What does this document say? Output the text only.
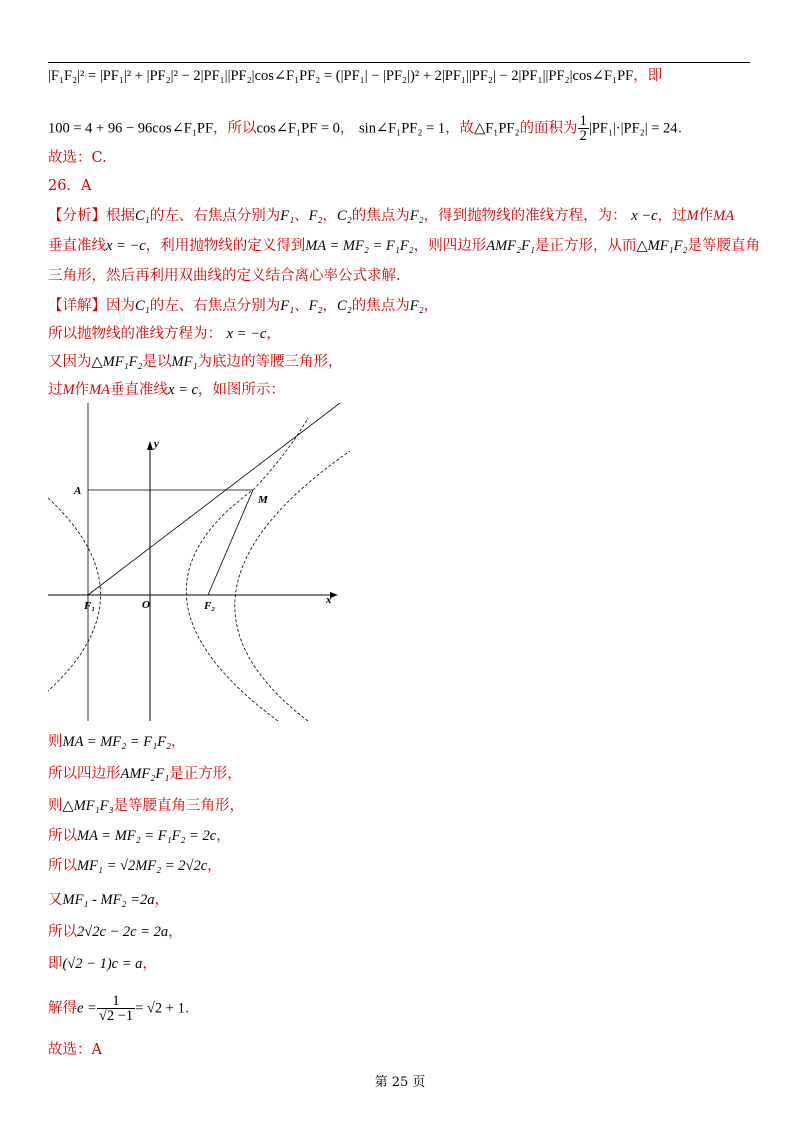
|F₁F₂|² = |PF₁|² + |PF₂|² − 2|PF₁||PF₂|cos∠F₁PF₂ = (|PF₁| − |PF₂|)² + 2|PF₁||PF₂| − 2|PF₁||PF₂|cos∠F₁PF，即
100 = 4 + 96 − 96cos∠F₁PF，所以cos∠F₁PF = 0， sin∠F₁PF₂ = 1，故△F₁PF₂的面积为 $\frac{1}{2} |PF_1|\cdot|PF_2| = 24$.
故选：C.
26．A
【分析】根据C₁的左、右焦点分别为F₁、F₂，C₂的焦点为F₂，得到抛物线的准线方程，为： x −c，过M作MA
垂直准线x = −c，利用抛物线的定义得到MA = MF₂ = F₁F₂，则四边形AMF₂F₁是正方形，从而△MF₁F₂是等腰直角
三角形，然后再利用双曲线的定义结合离心率公式求解.
【详解】因为C₁的左、右焦点分别为F₁、F₂，C₂的焦点为F₂，
所以抛物线的准线方程为： x = −c，
又因为△MF₁F₂是以MF₁为底边的等腰三角形，
过M作MA垂直准线x = c，如图所示：
y
x
A
M
F₁	O	F₂
则MA = MF₂ = F₁F₂，
所以四边形AMF₂F₁是正方形，
则△MF₁F₃是等腰直角三角形，
所以MA = MF₂ = F₁F₂ = 2c，
所以MF₁ = √2MF₂ = 2√2c，
又MF₁ - MF₂ =2a，
所以2√2c − 2c = 2a，
即(√2 − 1)c = a，
解得$e = \frac{1}{√2 -1} = √2 + 1$.
故选：A
第 25 页
